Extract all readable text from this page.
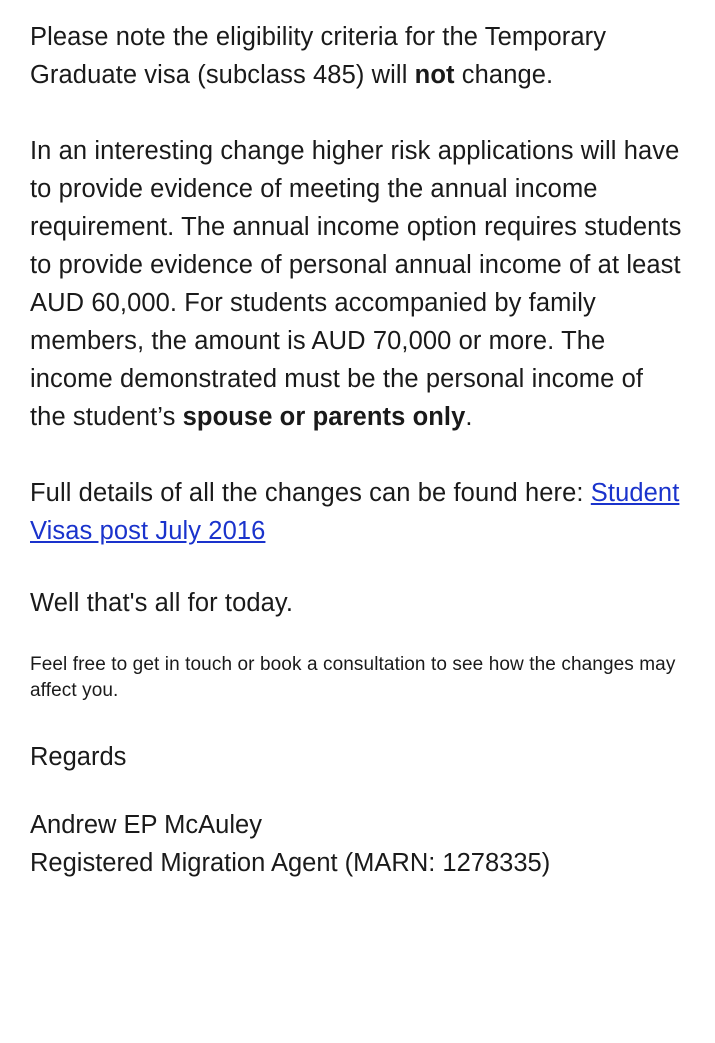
Please note the eligibility criteria for the Temporary Graduate visa (subclass 485) will not change.

In an interesting change higher risk applications will have to provide evidence of meeting the annual income requirement. The annual income option requires students to provide evidence of personal annual income of at least AUD 60,000. For students accompanied by family members, the amount is AUD 70,000 or more. The income demonstrated must be the personal income of the student’s spouse or parents only.

Full details of all the changes can be found here: Student Visas post July 2016

Well that's all for today.

Feel free to get in touch or book a consultation to see how the changes may affect you.

Regards

Andrew EP McAuley

Registered Migration Agent (MARN: 1278335)
